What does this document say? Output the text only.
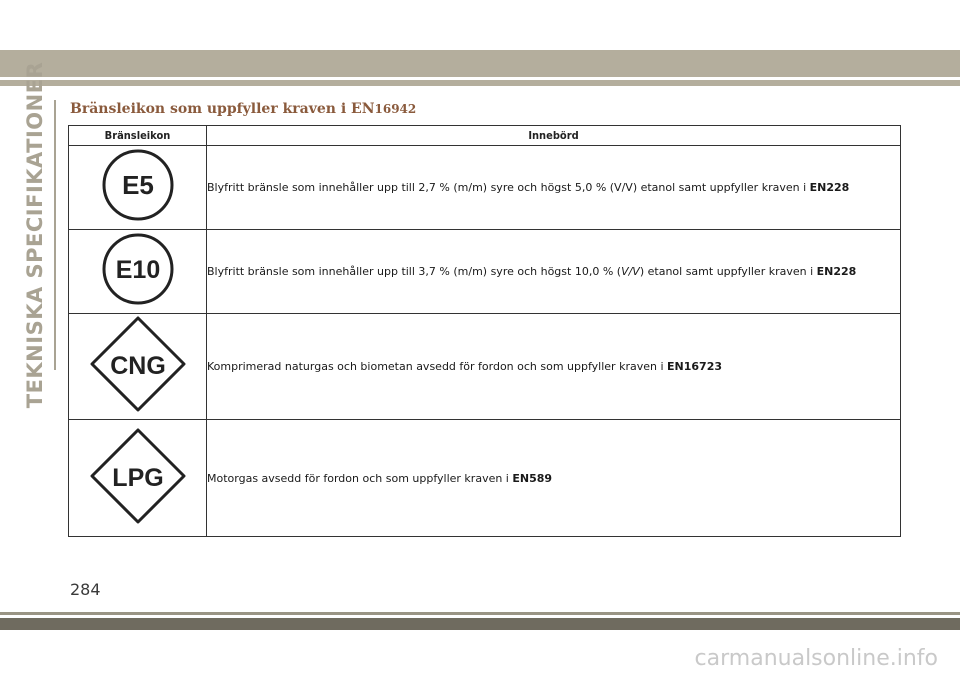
TEKNISKA SPECIFIKATIONER Bränsleikon som uppfyller kraven i EN16942
Bränsleikon	Innebörd

E5	Blyfritt bränsle som innehåller upp till 2,7 % (m/m) syre och högst 5,0 % (V/V) etanol samt uppfyller kraven i EN228

E10	Blyfritt bränsle som innehåller upp till 3,7 % (m/m) syre och högst 10,0 % (V/V) etanol samt uppfyller kraven i EN228

CNG	Komprimerad naturgas och biometan avsedd för fordon och som uppfyller kraven i EN16723

LPG	Motorgas avsedd för fordon och som uppfyller kraven i EN589
284
carmanualsonline.info
